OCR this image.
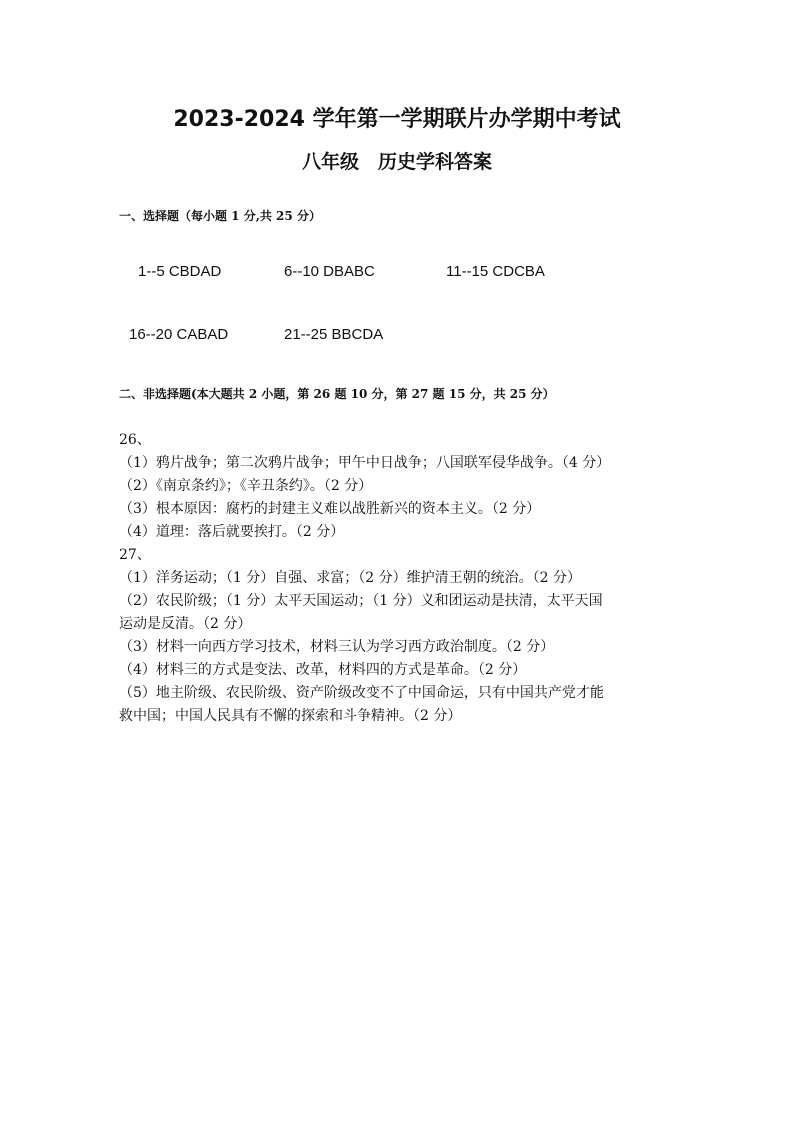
2023-2024 学年第一学期联片办学期中考试
八年级　历史学科答案
一、选择题（每小题 1 分,共 25 分）
1--5 CBDAD	6--10 DBABC	11--15 CDCBA
16--20 CABAD	21--25 BBCDA
二、非选择题(本大题共 2 小题，第 26 题 10 分，第 27 题 15 分，共 25 分）
26、
（1）鸦片战争；第二次鸦片战争；甲午中日战争；八国联军侵华战争。（4 分）
（2）《南京条约》；《辛丑条约》。（2 分）
（3）根本原因：腐朽的封建主义难以战胜新兴的资本主义。（2 分）
（4）道理：落后就要挨打。（2 分）
27、
（1）洋务运动；（1 分）自强、求富；（2 分）维护清王朝的统治。（2 分）
（2）农民阶级；（1 分）太平天国运动；（1 分）义和团运动是扶清，太平天国
运动是反清。（2 分）
（3）材料一向西方学习技术，材料三认为学习西方政治制度。（2 分）
（4）材料三的方式是变法、改革，材料四的方式是革命。（2 分）
（5）地主阶级、农民阶级、资产阶级改变不了中国命运，只有中国共产党才能
救中国；中国人民具有不懈的探索和斗争精神。（2 分）
